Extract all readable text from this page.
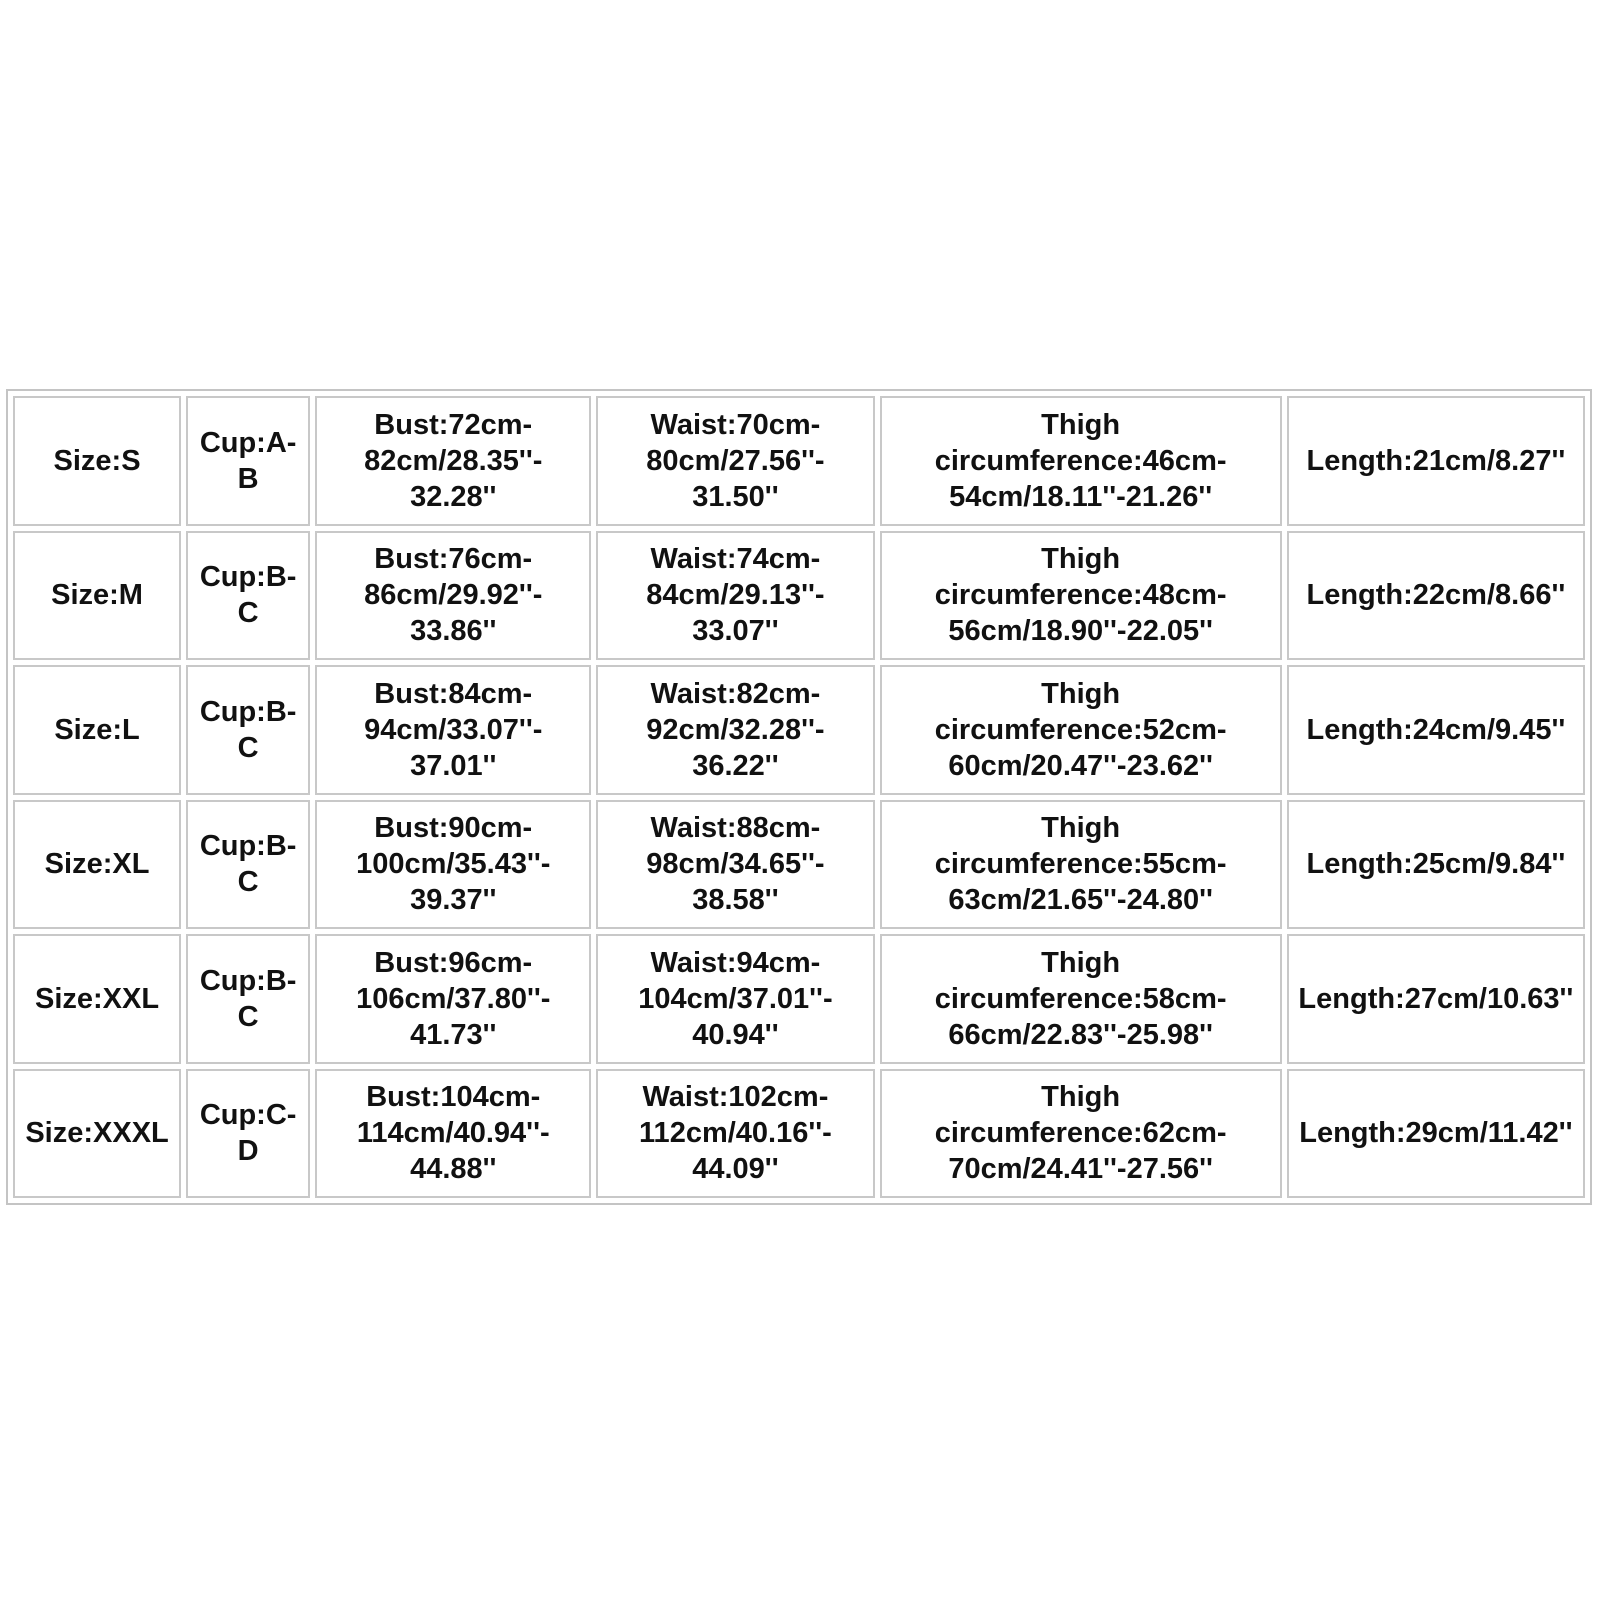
Size:S	Cup:A-
B	Bust:72cm-
82cm/28.35''-
32.28''	Waist:70cm-
80cm/27.56''-
31.50''	Thigh
circumference:46cm-
54cm/18.11''-21.26''	Length:21cm/8.27''
Size:M	Cup:B-
C	Bust:76cm-
86cm/29.92''-
33.86''	Waist:74cm-
84cm/29.13''-
33.07''	Thigh
circumference:48cm-
56cm/18.90''-22.05''	Length:22cm/8.66''
Size:L	Cup:B-
C	Bust:84cm-
94cm/33.07''-
37.01''	Waist:82cm-
92cm/32.28''-
36.22''	Thigh
circumference:52cm-
60cm/20.47''-23.62''	Length:24cm/9.45''
Size:XL	Cup:B-
C	Bust:90cm-
100cm/35.43''-
39.37''	Waist:88cm-
98cm/34.65''-
38.58''	Thigh
circumference:55cm-
63cm/21.65''-24.80''	Length:25cm/9.84''
Size:XXL	Cup:B-
C	Bust:96cm-
106cm/37.80''-
41.73''	Waist:94cm-
104cm/37.01''-
40.94''	Thigh
circumference:58cm-
66cm/22.83''-25.98''	Length:27cm/10.63''
Size:XXXL	Cup:C-
D	Bust:104cm-
114cm/40.94''-
44.88''	Waist:102cm-
112cm/40.16''-
44.09''	Thigh
circumference:62cm-
70cm/24.41''-27.56''	Length:29cm/11.42''
